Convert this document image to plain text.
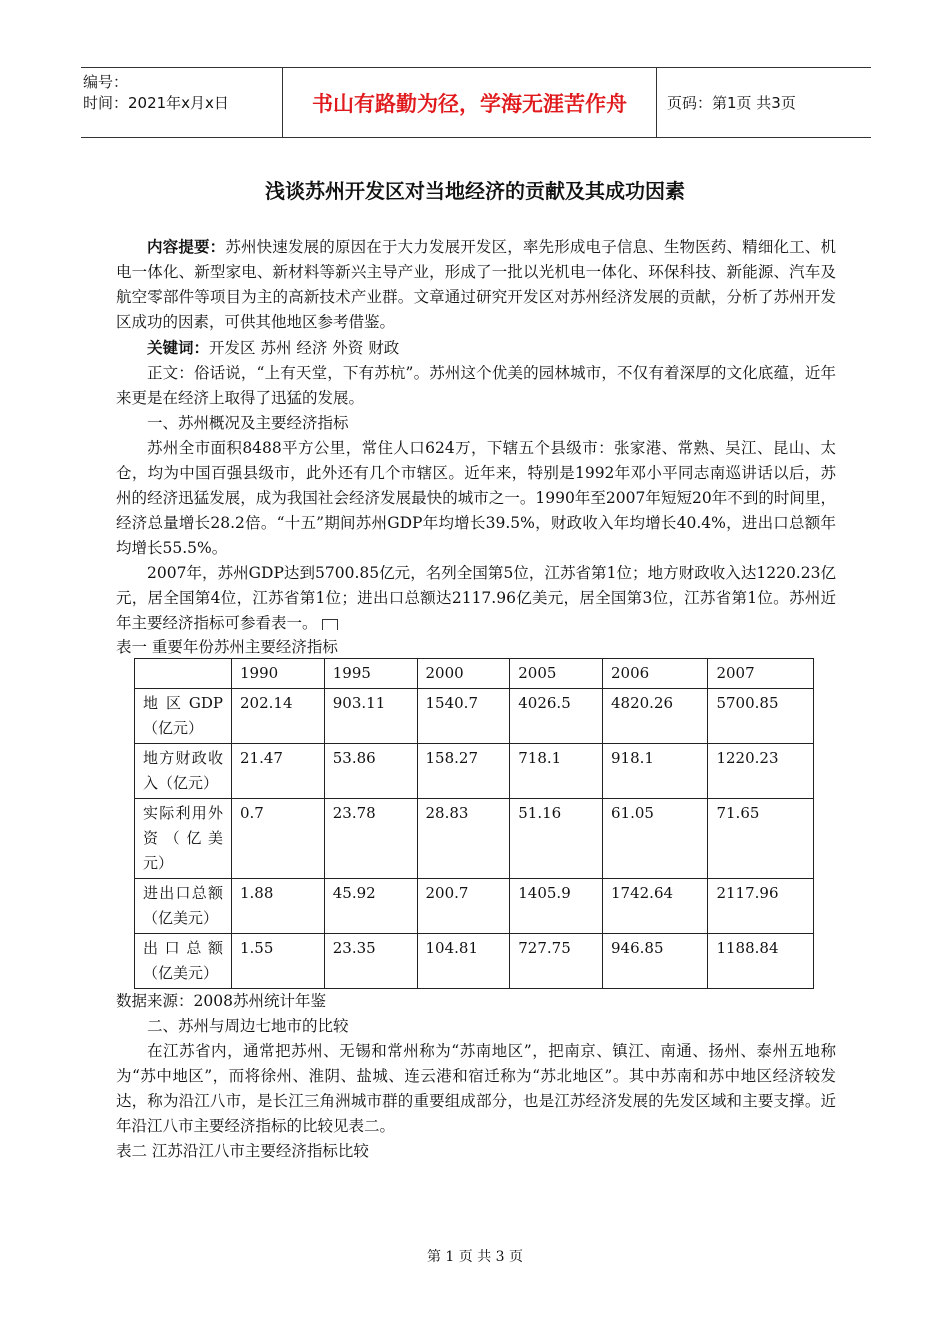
编号：
时间：2021年x月x日	书山有路勤为径，学海无涯苦作舟	页码：第1页 共3页
浅谈苏州开发区对当地经济的贡献及其成功因素

内容提要：苏州快速发展的原因在于大力发展开发区，率先形成电子信息、生物医药、精细化工、机电一体化、新型家电、新材料等新兴主导产业，形成了一批以光机电一体化、环保科技、新能源、汽车及航空零部件等项目为主的高新技术产业群。文章通过研究开发区对苏州经济发展的贡献，分析了苏州开发区成功的因素，可供其他地区参考借鉴。

关键词：开发区 苏州 经济 外资 财政

正文：俗话说，“上有天堂，下有苏杭”。苏州这个优美的园林城市，不仅有着深厚的文化底蕴，近年来更是在经济上取得了迅猛的发展。

一、苏州概况及主要经济指标

苏州全市面积8488平方公里，常住人口624万，下辖五个县级市：张家港、常熟、吴江、昆山、太仓，均为中国百强县级市，此外还有几个市辖区。近年来，特别是1992年邓小平同志南巡讲话以后，苏州的经济迅猛发展，成为我国社会经济发展最快的城市之一。1990年至2007年短短20年不到的时间里，经济总量增长28.2倍。“十五”期间苏州GDP年均增长39.5%，财政收入年均增长40.4%，进出口总额年均增长55.5%。

2007年，苏州GDP达到5700.85亿元，名列全国第5位，江苏省第1位；地方财政收入达1220.23亿元，居全国第4位，江苏省第1位；进出口总额达2117.96亿美元，居全国第3位，江苏省第1位。苏州近年主要经济指标可参看表一。

表一 重要年份苏州主要经济指标

	1990	1995	2000	2005	2006	2007
地区GDP（亿元）	202.14	903.11	1540.7	4026.5	4820.26	5700.85
地方财政收入（亿元）	21.47	53.86	158.27	718.1	918.1	1220.23
实际利用外资（亿美元）	0.7	23.78	28.83	51.16	61.05	71.65
进出口总额（亿美元）	1.88	45.92	200.7	1405.9	1742.64	2117.96
出口总额（亿美元）	1.55	23.35	104.81	727.75	946.85	1188.84

数据来源：2008苏州统计年鉴

二、苏州与周边七地市的比较

在江苏省内，通常把苏州、无锡和常州称为“苏南地区”，把南京、镇江、南通、扬州、泰州五地称为“苏中地区”，而将徐州、淮阴、盐城、连云港和宿迁称为“苏北地区”。其中苏南和苏中地区经济较发达，称为沿江八市，是长江三角洲城市群的重要组成部分，也是江苏经济发展的先发区域和主要支撑。近年沿江八市主要经济指标的比较见表二。

表二 江苏沿江八市主要经济指标比较

第 1 页 共 3 页
